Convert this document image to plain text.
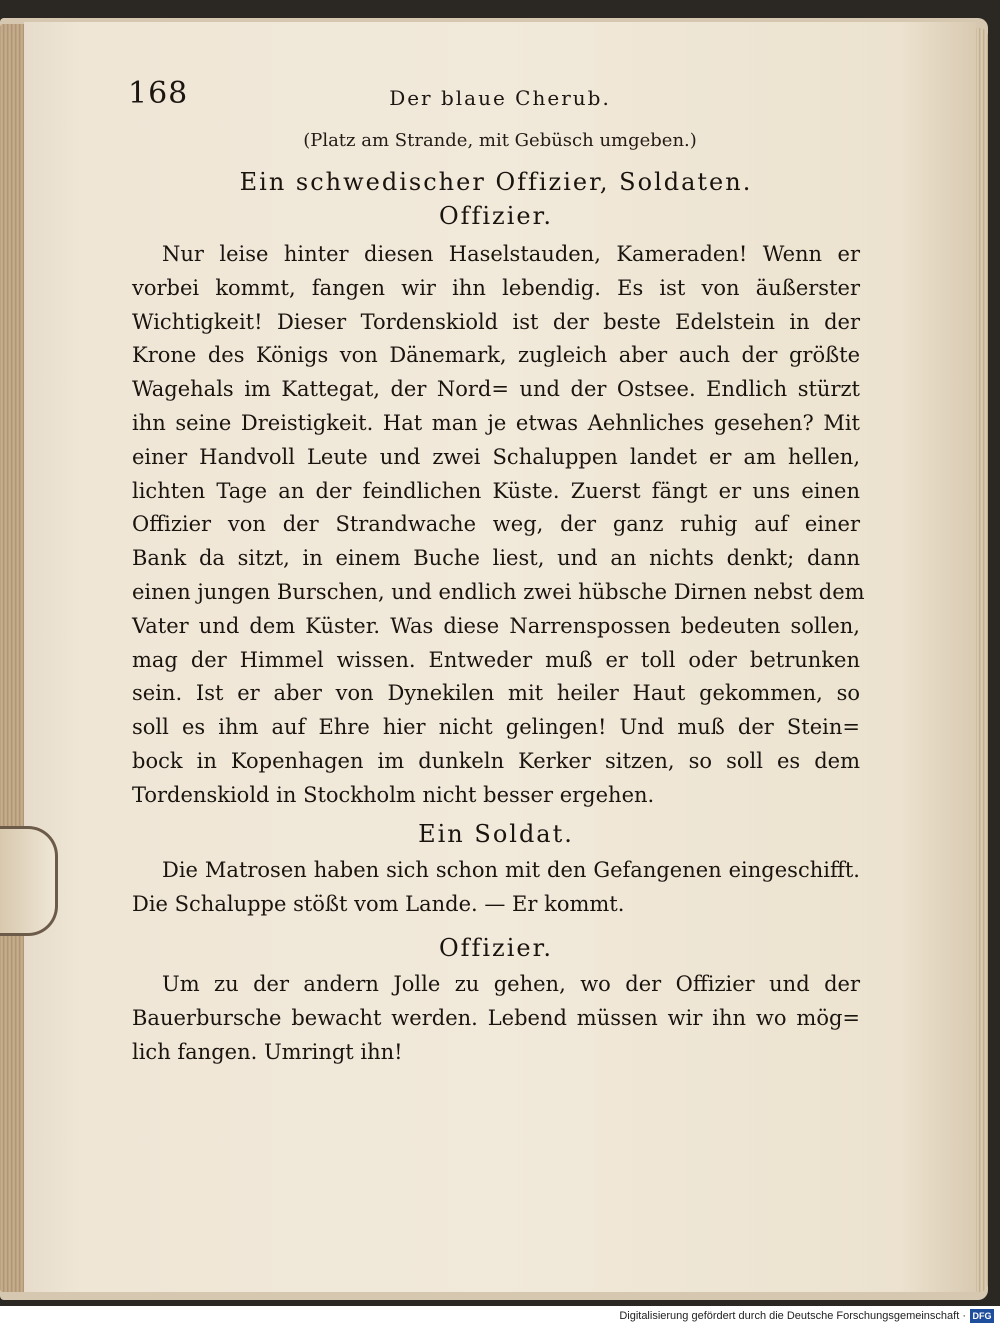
168	Der blaue Cherub.
(Platz am Strande, mit Gebüsch umgeben.)
Ein schwedischer Offizier, Soldaten.
Offizier.
Nur leise hinter diesen Haselstauden, Kameraden! Wenn er
vorbei kommt, fangen wir ihn lebendig. Es ist von äußerster
Wichtigkeit! Dieser Tordenskiold ist der beste Edelstein in der
Krone des Königs von Dänemark, zugleich aber auch der größte
Wagehals im Kattegat, der Nord= und der Ostsee. Endlich stürzt
ihn seine Dreistigkeit. Hat man je etwas Aehnliches gesehen? Mit
einer Handvoll Leute und zwei Schaluppen landet er am hellen,
lichten Tage an der feindlichen Küste. Zuerst fängt er uns einen
Offizier von der Strandwache weg, der ganz ruhig auf einer
Bank da sitzt, in einem Buche liest, und an nichts denkt; dann
einen jungen Burschen, und endlich zwei hübsche Dirnen nebst dem
Vater und dem Küster. Was diese Narrenspossen bedeuten sollen,
mag der Himmel wissen. Entweder muß er toll oder betrunken
sein. Ist er aber von Dynekilen mit heiler Haut gekommen, so
soll es ihm auf Ehre hier nicht gelingen! Und muß der Stein=
bock in Kopenhagen im dunkeln Kerker sitzen, so soll es dem
Tordenskiold in Stockholm nicht besser ergehen.
Ein Soldat.
Die Matrosen haben sich schon mit den Gefangenen eingeschifft.
Die Schaluppe stößt vom Lande. — Er kommt.
Offizier.
Um zu der andern Jolle zu gehen, wo der Offizier und der
Bauerbursche bewacht werden. Lebend müssen wir ihn wo mög=
lich fangen. Umringt ihn!
Digitalisierung gefördert durch die Deutsche Forschungsgemeinschaft · DFG
